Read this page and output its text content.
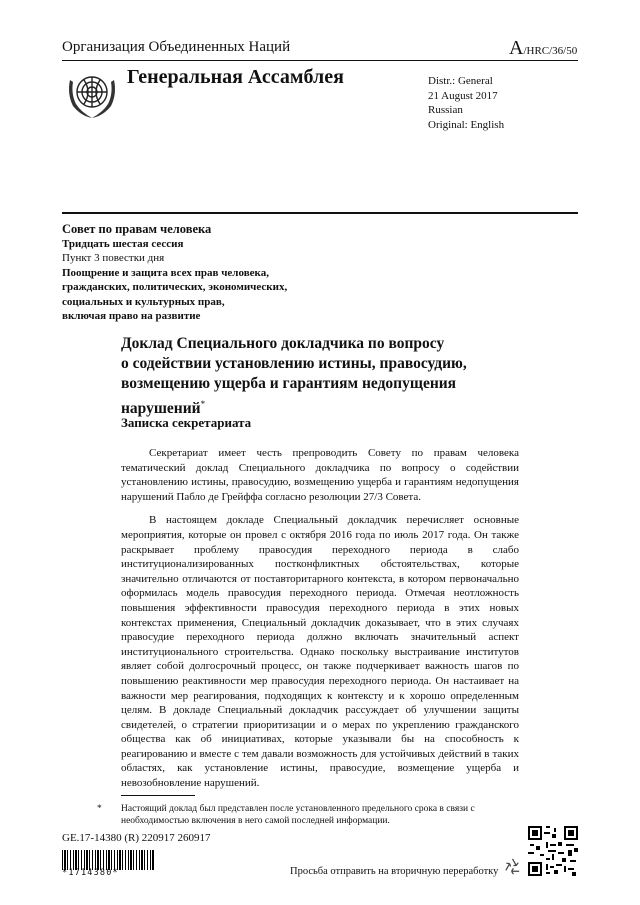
Организация Объединенных Наций	A/HRC/36/50
Генеральная Ассамблея	Distr.: General
21 August 2017
Russian
Original: English
Совет по правам человека
Тридцать шестая сессия
Пункт 3 повестки дня
Поощрение и защита всех прав человека,
гражданских, политических, экономических,
социальных и культурных прав,
включая право на развитие
Доклад Специального докладчика по вопросу
о содействии установлению истины, правосудию,
возмещению ущерба и гарантиям недопущения
нарушений*
Записка секретариата

Секретариат имеет честь препроводить Совету по правам человека тематический доклад Специального докладчика по вопросу о содействии установлению истины, правосудию, возмещению ущерба и гарантиям недопущения нарушений Пабло де Грейффа согласно резолюции 27/3 Совета.

В настоящем докладе Специальный докладчик перечисляет основные мероприятия, которые он провел с октября 2016 года по июль 2017 года. Он также раскрывает проблему правосудия переходного периода в слабо институционализированных постконфликтных обстоятельствах, которые значительно отличаются от поставторитарного контекста, в котором первоначально оформилась модель правосудия переходного периода. Отмечая неотложность повышения эффективности правосудия переходного периода в этих новых контекстах применения, Специальный докладчик доказывает, что в этих случаях правосудие переходного периода должно включать значительный аспект институционального строительства. Однако поскольку выстраивание институтов являет собой долгосрочный процесс, он также подчеркивает важность шагов по повышению реактивности мер правосудия переходного периода. Он настаивает на важности мер реагирования, подходящих к контексту и к хорошо определенным целям. В докладе Специальный докладчик рассуждает об улучшении защиты свидетелей, о стратегии приоритизации и о мерах по укреплению гражданского общества как об инициативах, которые указывали бы на способность к реагированию и вместе с тем давали возможность для устойчивых действий в таких областях, как установление истины, правосудие, возмещение ущерба и невозобновление нарушений.

* Настоящий доклад был представлен после установленного предельного срока в связи с необходимостью включения в него самой последней информации.
GE.17-14380 (R) 220917 260917
*1714380*	Просьба отправить на вторичную переработку
